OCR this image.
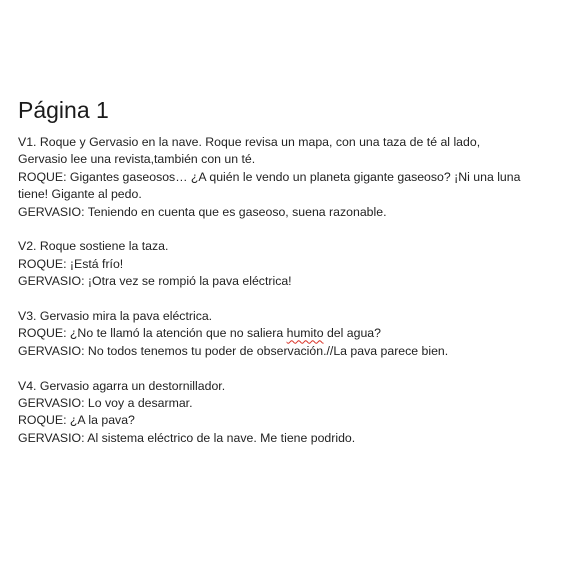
Página 1
V1. Roque y Gervasio en la nave. Roque revisa un mapa, con una taza de té al lado,
Gervasio lee una revista,también con un té.
ROQUE: Gigantes gaseosos… ¿A quién le vendo un planeta gigante gaseoso? ¡Ni una luna
tiene! Gigante al pedo.
GERVASIO: Teniendo en cuenta que es gaseoso, suena razonable.
V2. Roque sostiene la taza.
ROQUE: ¡Está frío!
GERVASIO: ¡Otra vez se rompió la pava eléctrica!
V3. Gervasio mira la pava eléctrica.
ROQUE: ¿No te llamó la atención que no saliera humito del agua?
GERVASIO: No todos tenemos tu poder de observación.//La pava parece bien.
V4. Gervasio agarra un destornillador.
GERVASIO: Lo voy a desarmar.
ROQUE: ¿A la pava?
GERVASIO: Al sistema eléctrico de la nave. Me tiene podrido.
